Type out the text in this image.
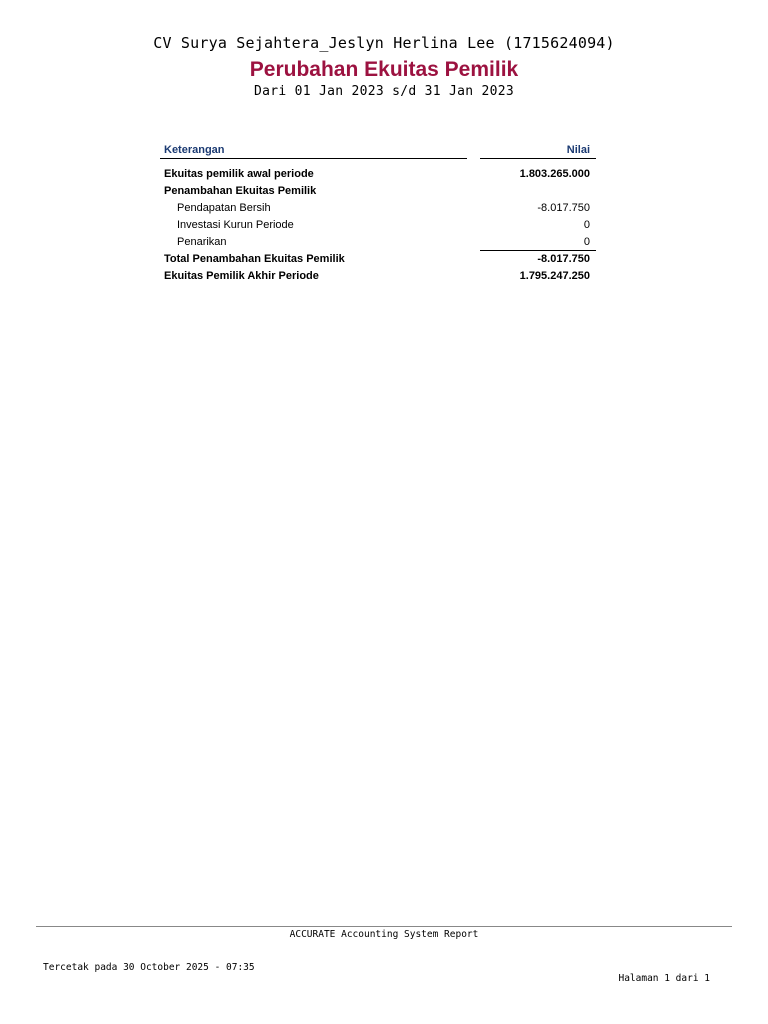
CV Surya Sejahtera_Jeslyn Herlina Lee (1715624094)
Perubahan Ekuitas Pemilik
Dari 01 Jan 2023 s/d 31 Jan 2023
Keterangan	Nilai
Ekuitas pemilik awal periode	1.803.265.000
Penambahan Ekuitas Pemilik
Pendapatan Bersih	-8.017.750
Investasi Kurun Periode	0
Penarikan	0
Total Penambahan Ekuitas Pemilik	-8.017.750
Ekuitas Pemilik Akhir Periode	1.795.247.250
ACCURATE Accounting System Report
Tercetak pada 30 October 2025 - 07:35
Halaman 1 dari 1
